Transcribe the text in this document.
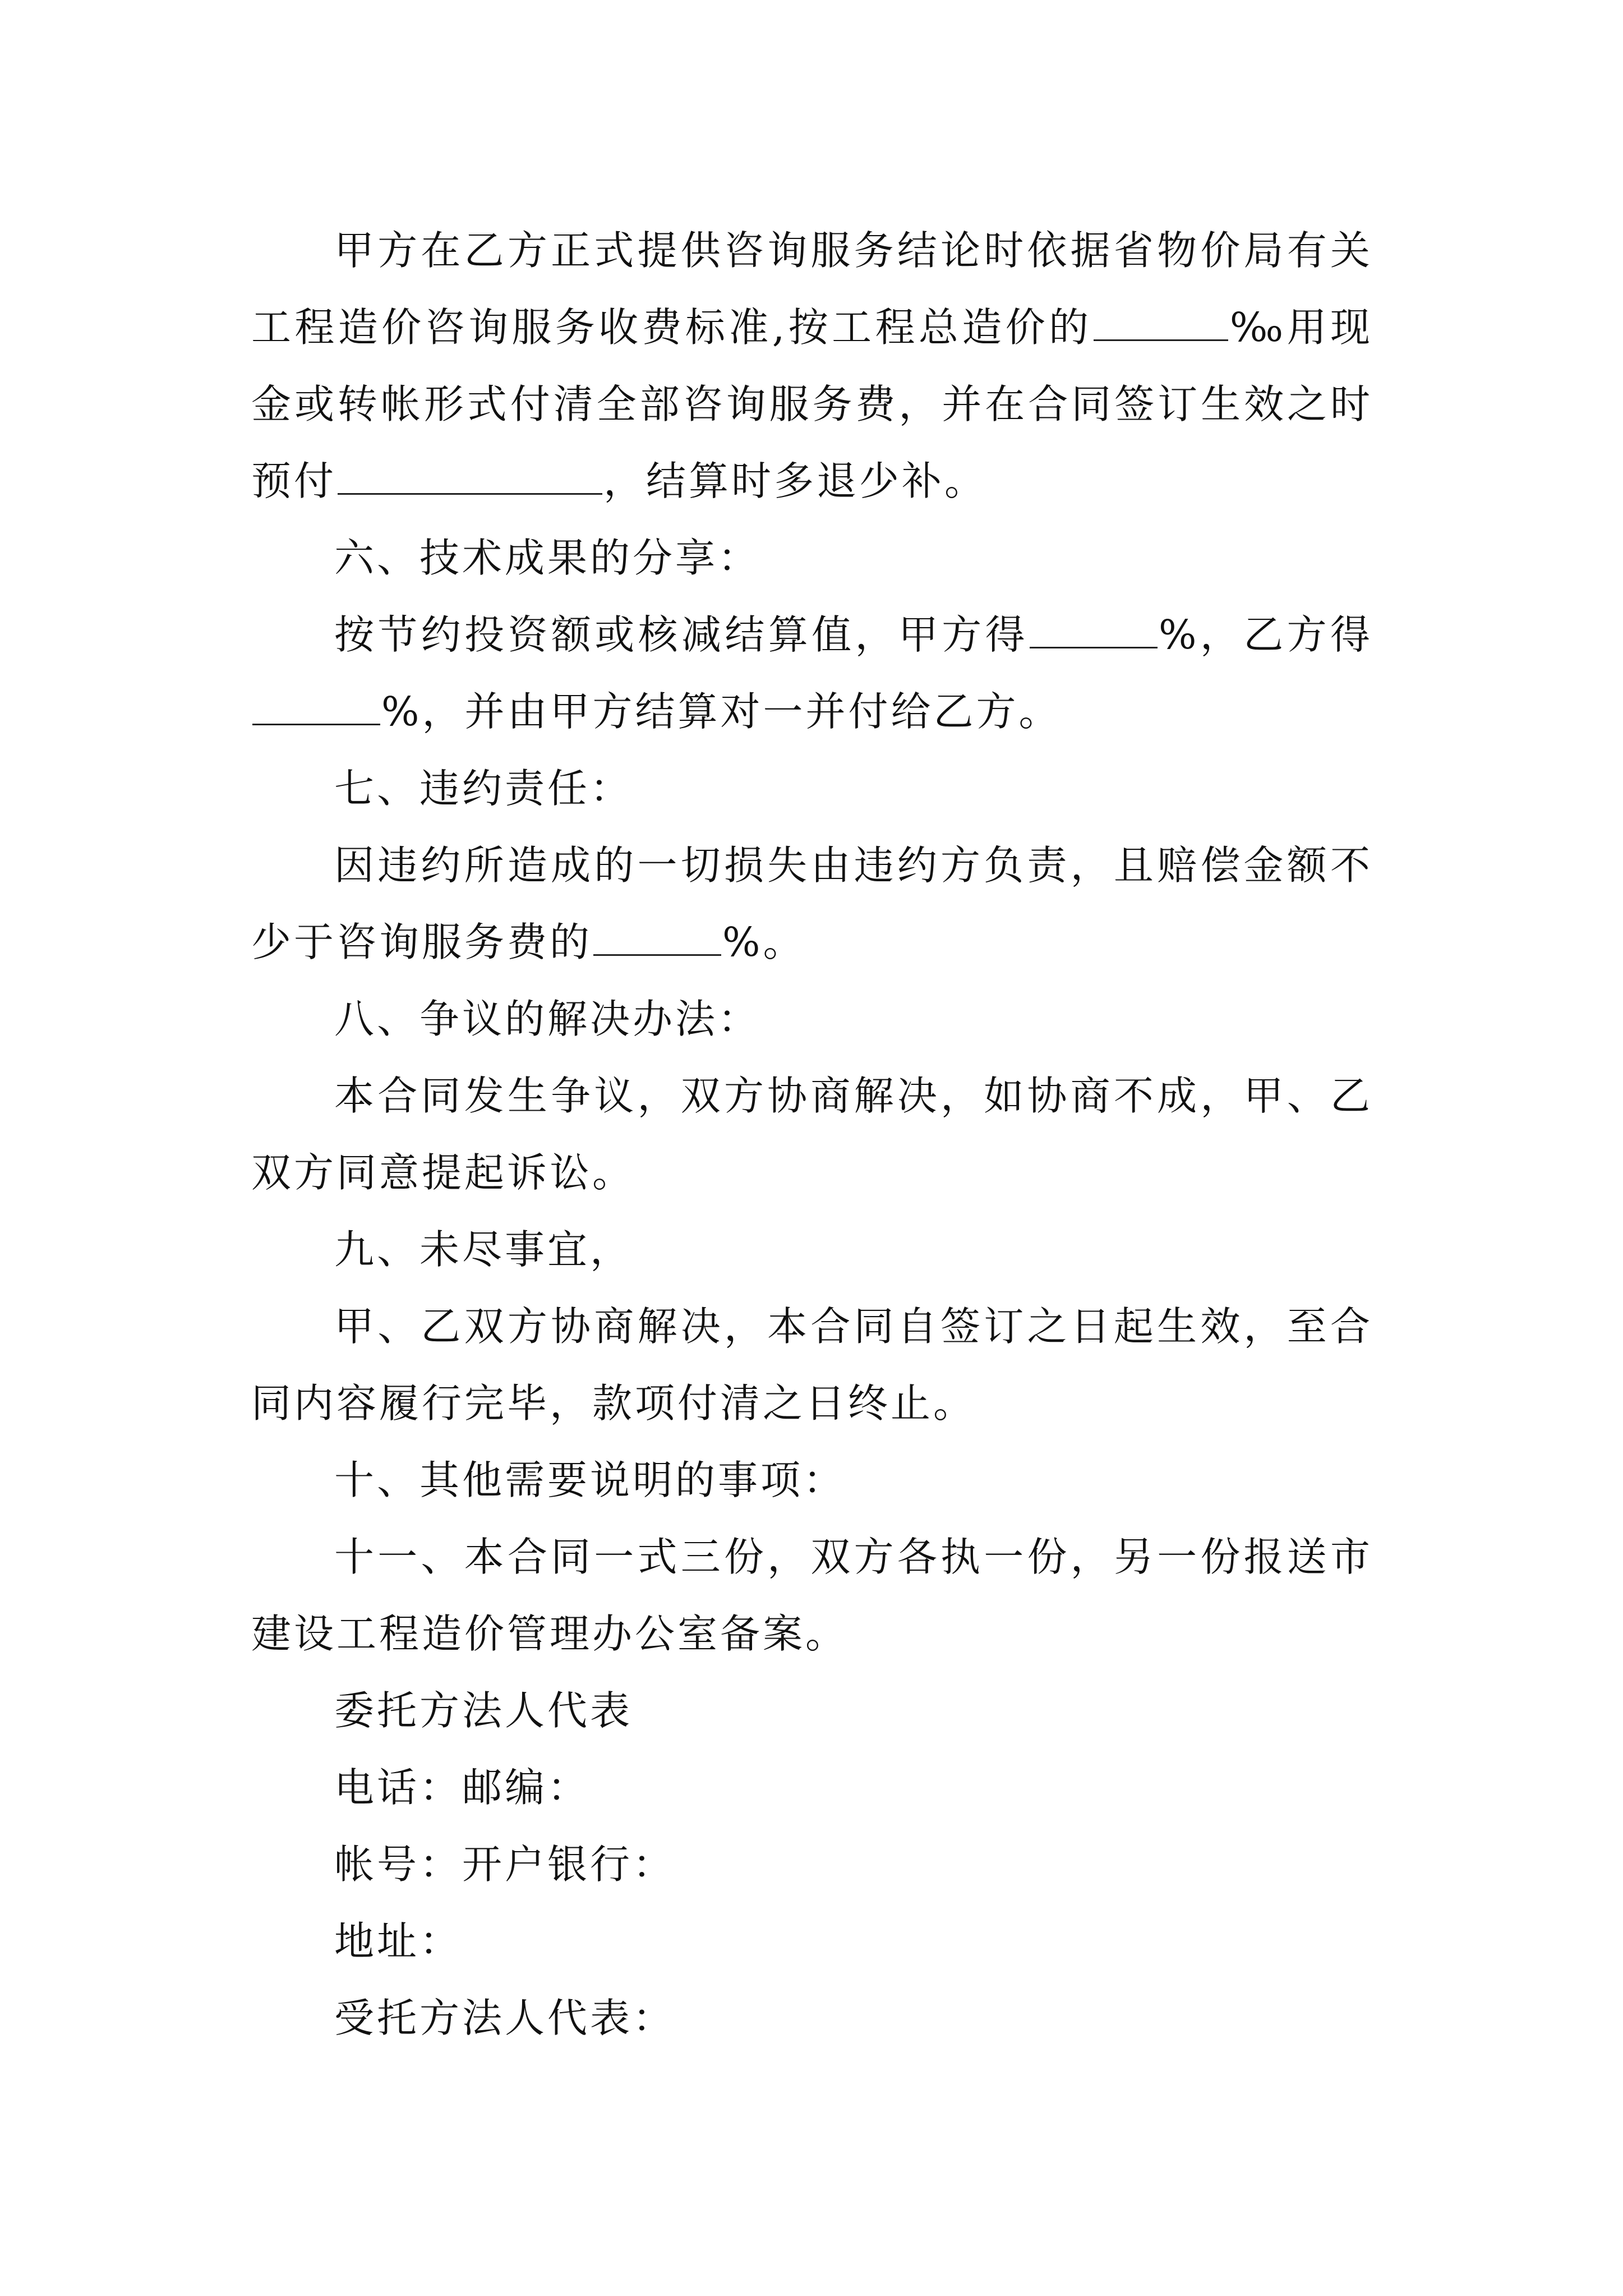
甲方在乙方正式提供咨询服务结论时依据省物价局有关工程造价咨询服务收费标准,按工程总造价的	‰用现金或转帐形式付清全部咨询服务费，并在合同签订生效之时预付	，结算时多退少补。

六、技术成果的分享：

按节约投资额或核减结算值，甲方得	%，乙方得%，并由甲方结算对一并付给乙方。

七、违约责任：

因违约所造成的一切损失由违约方负责，且赔偿金额不少于咨询服务费的	%。

八、争议的解决办法：

本合同发生争议，双方协商解决，如协商不成，甲、乙双方同意提起诉讼。

九、未尽事宜，

甲、乙双方协商解决，本合同自签订之日起生效，至合同内容履行完毕，款项付清之日终止。

十、其他需要说明的事项：

十一、本合同一式三份，双方各执一份，另一份报送市建设工程造价管理办公室备案。

委托方法人代表

电话：邮编：

帐号：开户银行：

地址：

受托方法人代表：
